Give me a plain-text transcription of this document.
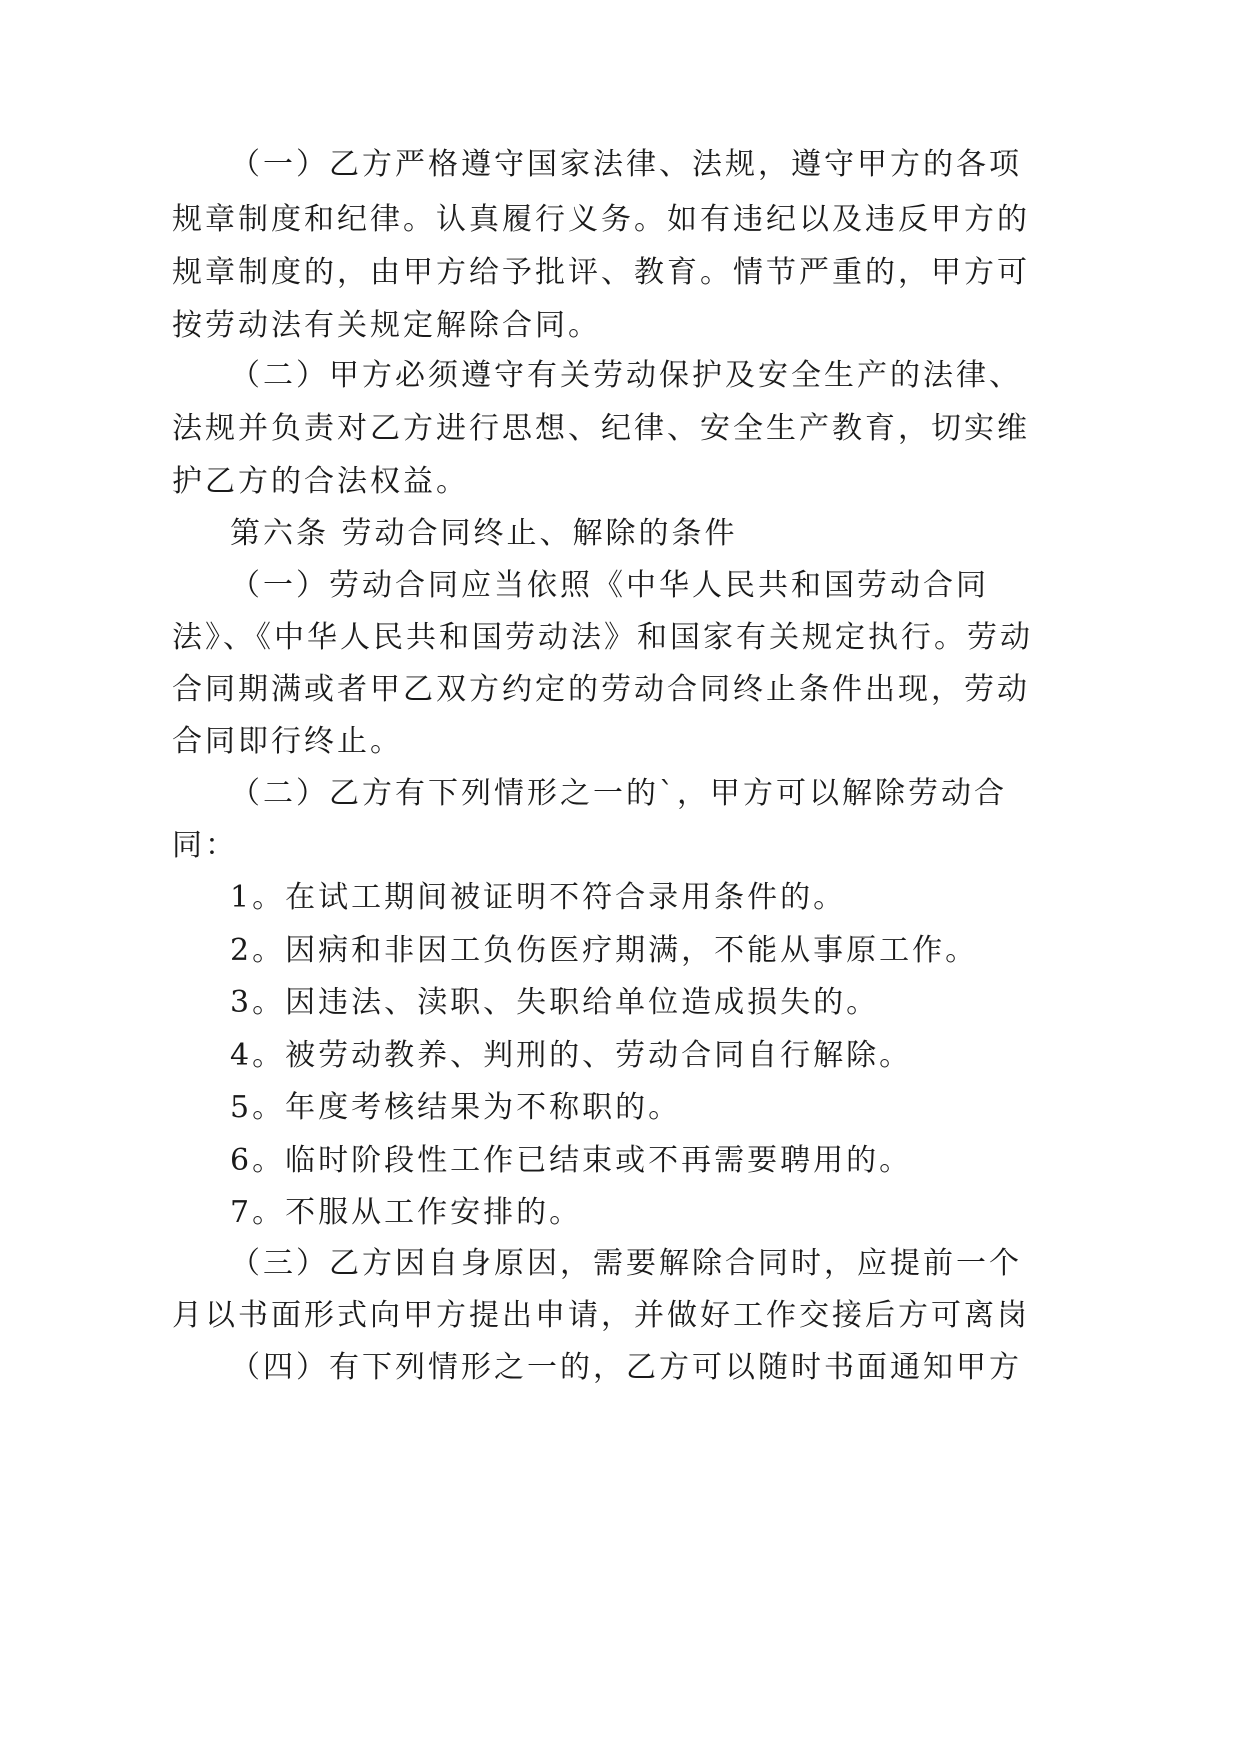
（一）乙方严格遵守国家法律、法规，遵守甲方的各项
规章制度和纪律。认真履行义务。如有违纪以及违反甲方的
规章制度的，由甲方给予批评、教育。情节严重的，甲方可
按劳动法有关规定解除合同。
（二）甲方必须遵守有关劳动保护及安全生产的法律、
法规并负责对乙方进行思想、纪律、安全生产教育，切实维
护乙方的合法权益。
第六条 劳动合同终止、解除的条件
（一）劳动合同应当依照《中华人民共和国劳动合同
法》、《中华人民共和国劳动法》和国家有关规定执行。劳动
合同期满或者甲乙双方约定的劳动合同终止条件出现，劳动
合同即行终止。
（二）乙方有下列情形之一的`，甲方可以解除劳动合
同：
1。在试工期间被证明不符合录用条件的。
2。因病和非因工负伤医疗期满，不能从事原工作。
3。因违法、渎职、失职给单位造成损失的。
4。被劳动教养、判刑的、劳动合同自行解除。
5。年度考核结果为不称职的。
6。临时阶段性工作已结束或不再需要聘用的。
7。不服从工作安排的。
（三）乙方因自身原因，需要解除合同时，应提前一个
月以书面形式向甲方提出申请，并做好工作交接后方可离岗
（四）有下列情形之一的，乙方可以随时书面通知甲方
